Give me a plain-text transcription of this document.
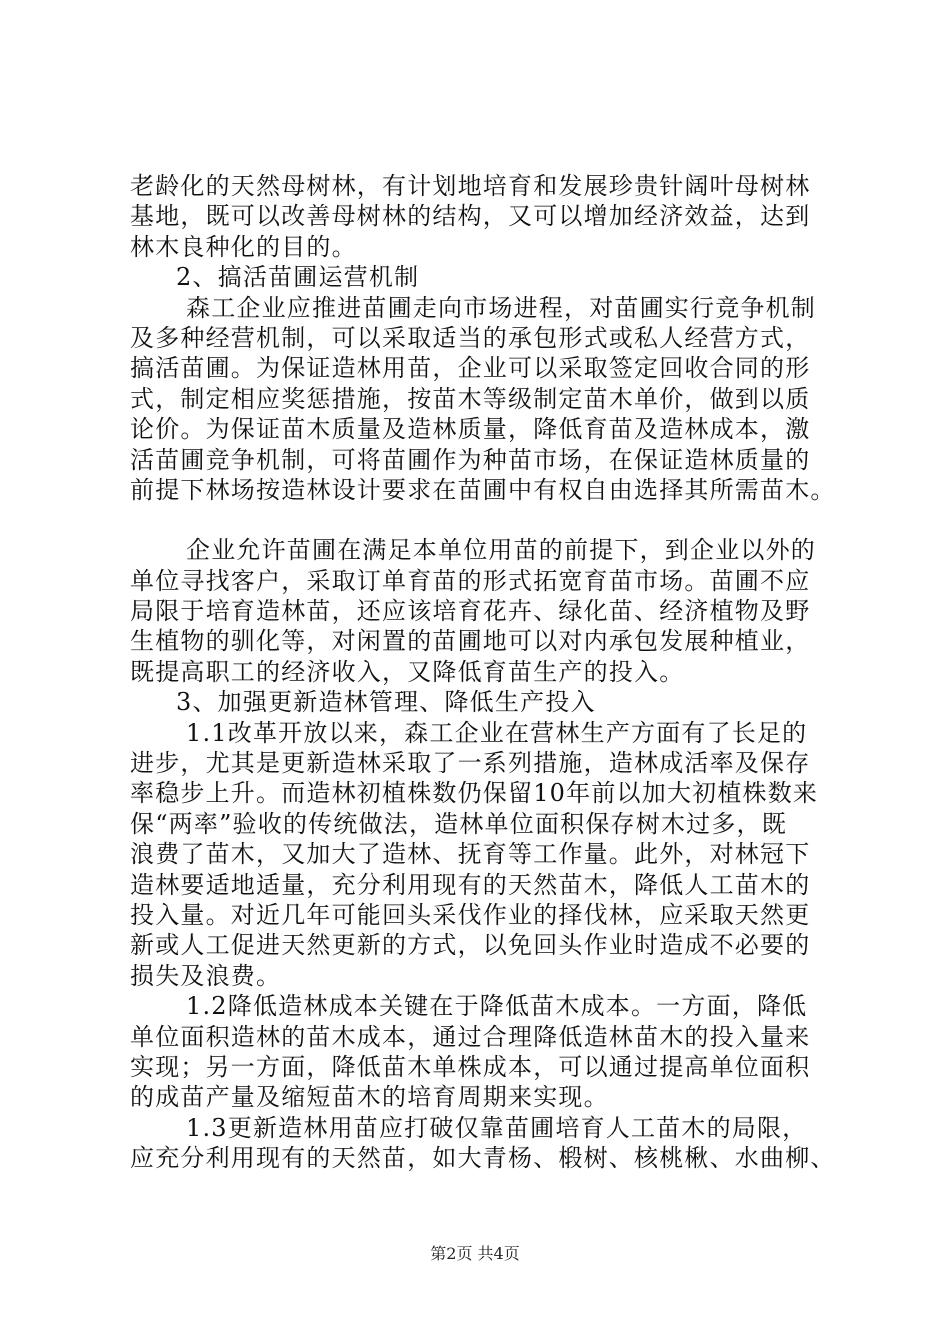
老龄化的天然母树林，有计划地培育和发展珍贵针阔叶母树林
基地，既可以改善母树林的结构，又可以增加经济效益，达到
林木良种化的目的。
2、搞活苗圃运营机制
森工企业应推进苗圃走向市场进程，对苗圃实行竞争机制
及多种经营机制，可以采取适当的承包形式或私人经营方式，
搞活苗圃。为保证造林用苗，企业可以采取签定回收合同的形
式，制定相应奖惩措施，按苗木等级制定苗木单价，做到以质
论价。为保证苗木质量及造林质量，降低育苗及造林成本，激
活苗圃竞争机制，可将苗圃作为种苗市场，在保证造林质量的
前提下林场按造林设计要求在苗圃中有权自由选择其所需苗木。
企业允许苗圃在满足本单位用苗的前提下，到企业以外的
单位寻找客户，采取订单育苗的形式拓宽育苗市场。苗圃不应
局限于培育造林苗，还应该培育花卉、绿化苗、经济植物及野
生植物的驯化等，对闲置的苗圃地可以对内承包发展种植业，
既提高职工的经济收入，又降低育苗生产的投入。
3、加强更新造林管理、降低生产投入
1.1改革开放以来，森工企业在营林生产方面有了长足的
进步，尤其是更新造林采取了一系列措施，造林成活率及保存
率稳步上升。而造林初植株数仍保留10年前以加大初植株数来
保“两率”验收的传统做法，造林单位面积保存树木过多，既
浪费了苗木，又加大了造林、抚育等工作量。此外，对林冠下
造林要适地适量，充分利用现有的天然苗木，降低人工苗木的
投入量。对近几年可能回头采伐作业的择伐林，应采取天然更
新或人工促进天然更新的方式，以免回头作业时造成不必要的
损失及浪费。
1.2降低造林成本关键在于降低苗木成本。一方面，降低
单位面积造林的苗木成本，通过合理降低造林苗木的投入量来
实现；另一方面，降低苗木单株成本，可以通过提高单位面积
的成苗产量及缩短苗木的培育周期来实现。
1.3更新造林用苗应打破仅靠苗圃培育人工苗木的局限，
应充分利用现有的天然苗，如大青杨、椴树、核桃楸、水曲柳、
第2页 共4页
